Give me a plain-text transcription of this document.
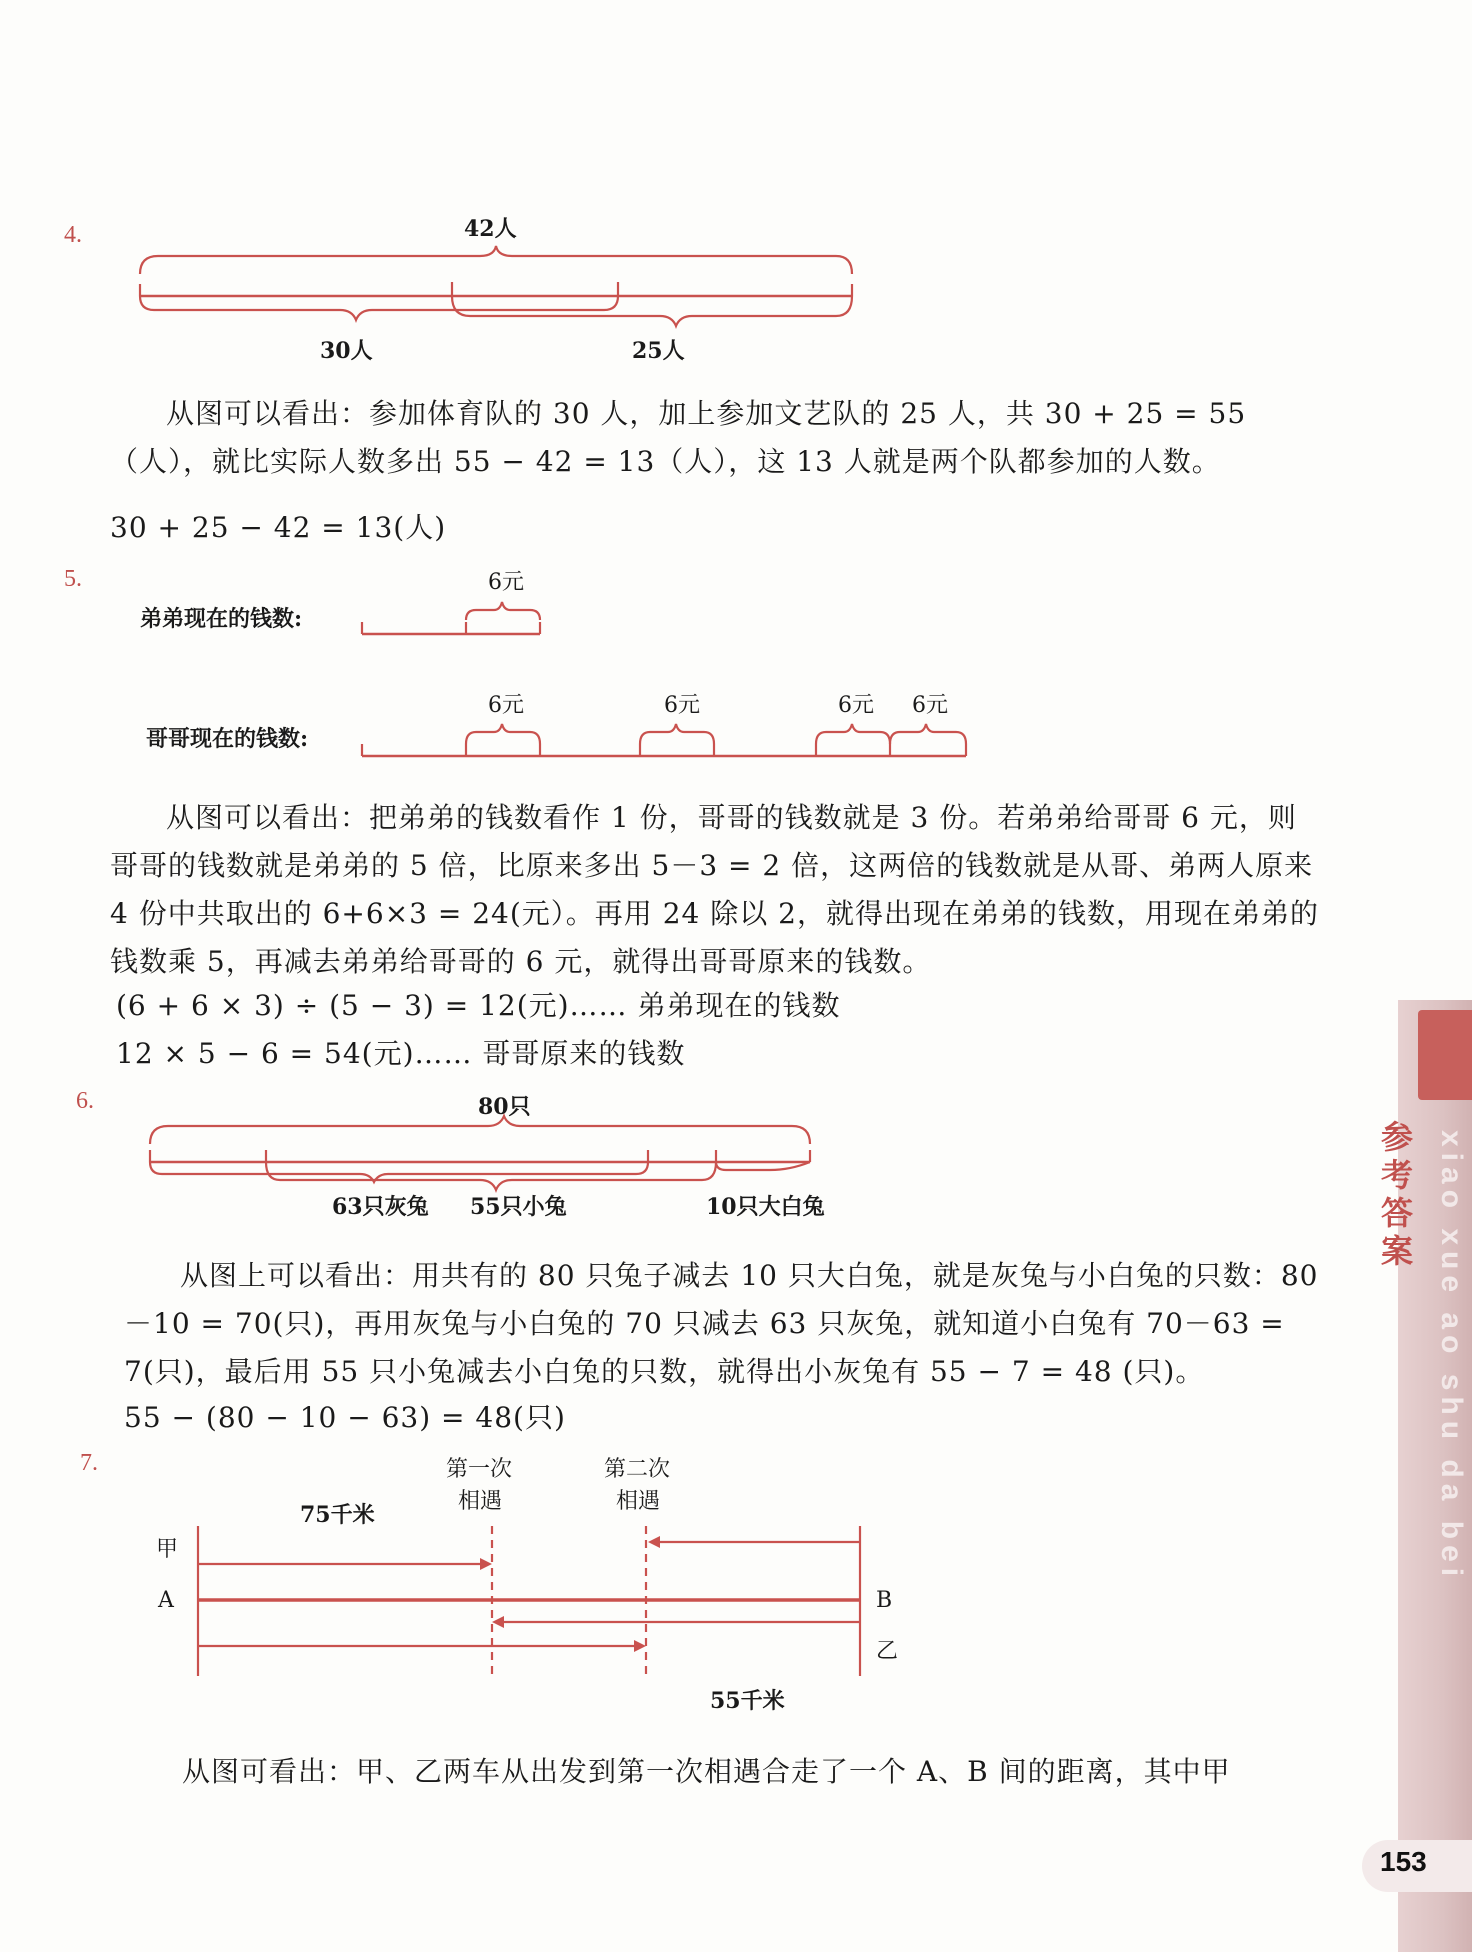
4.	42人
30人	25人
从图可以看出：参加体育队的 30 人，加上参加文艺队的 25 人，共 30 + 25 = 55（人），就比实际人数多出 55 − 42 = 13（人），这 13 人就是两个队都参加的人数。
30 + 25 − 42 = 13(人)
5.	6元
弟弟现在的钱数:
6元	6元	6元 6元
哥哥现在的钱数:
从图可以看出：把弟弟的钱数看作 1 份，哥哥的钱数就是 3 份。若弟弟给哥哥 6 元，则哥哥的钱数就是弟弟的 5 倍，比原来多出 5－3 = 2 倍，这两倍的钱数就是从哥、弟两人原来 4 份中共取出的 6+6×3 = 24(元）。再用 24 除以 2，就得出现在弟弟的钱数，用现在弟弟的钱数乘 5，再减去弟弟给哥哥的 6 元，就得出哥哥原来的钱数。
(6 + 6 × 3) ÷ (5 − 3) = 12(元)…… 弟弟现在的钱数
12 × 5 − 6 = 54(元)…… 哥哥原来的钱数
6.	80只
63只灰兔 55只小兔	10只大白兔
从图上可以看出：用共有的 80 只兔子减去 10 只大白兔，就是灰兔与小白兔的只数：80－10 = 70(只)，再用灰兔与小白兔的 70 只减去 63 只灰兔，就知道小白兔有 70－63 = 7(只)，最后用 55 只小兔减去小白兔的只数，就得出小灰兔有 55 − 7 = 48 (只)。
55 − (80 − 10 − 63) = 48(只)
7.	第一次
相遇
第二次
相遇
75千米
甲
A	B
乙
55千米
从图可看出：甲、乙两车从出发到第一次相遇合走了一个 A、B 间的距离，其中甲
xiao xue ao shu da bei
参考答案
153
